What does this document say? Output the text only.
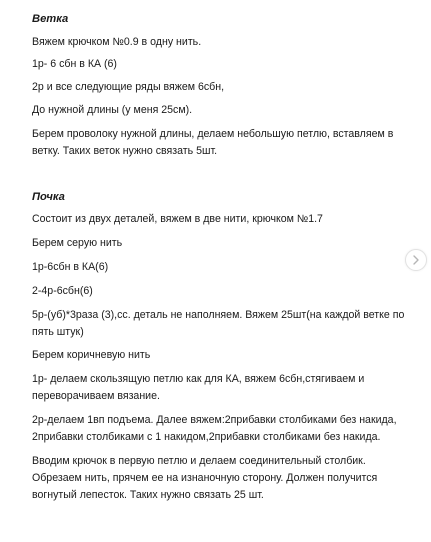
Ветка

Вяжем крючком №0.9 в одну нить.

1р- 6 сбн в КА (6)

2р и все следующие ряды вяжем 6сбн,

До нужной длины (у меня 25см).

Берем проволоку нужной длины, делаем небольшую петлю, вставляем в

ветку. Таких веток нужно связать 5шт.

Почка

Состоит из двух деталей, вяжем в две нити, крючком №1.7

Берем серую нить

1р-6сбн в КА(6)

2-4р-6сбн(6)

5р-(уб)*3раза (3),сс. деталь не наполняем. Вяжем 25шт(на каждой ветке по

пять штук)

Берем коричневую нить

1р- делаем скользящую петлю как для КА, вяжем 6сбн,стягиваем и

переворачиваем вязание.

2р-делаем 1вп подъема. Далее вяжем:2прибавки столбиками без накида,

2прибавки столбиками с 1 накидом,2прибавки столбиками без накида.

Вводим крючок в первую петлю и делаем соединительный столбик.

Обрезаем нить, прячем ее на изнаночную сторону. Должен получится

вогнутый лепесток. Таких нужно связать 25 шт.
